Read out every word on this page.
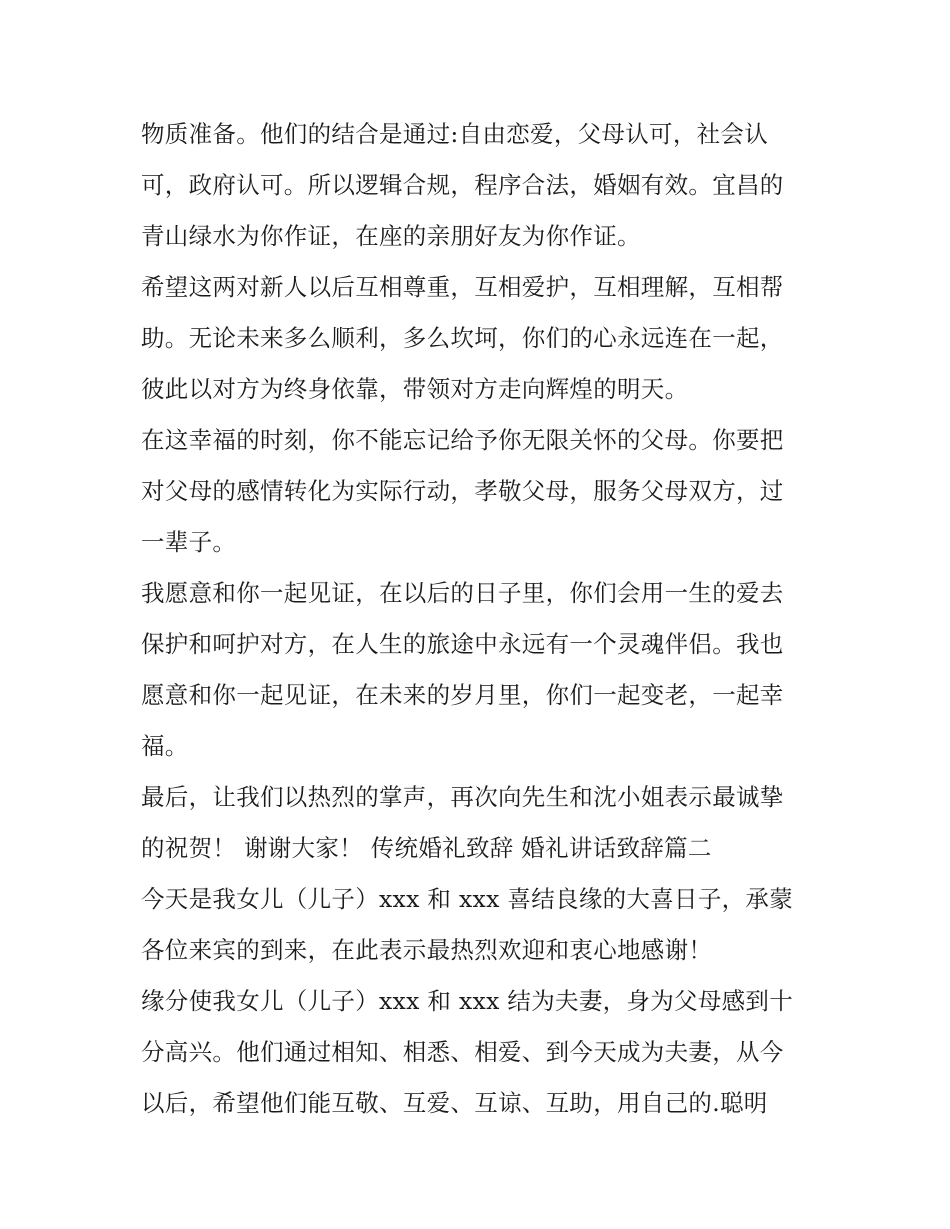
物质准备。他们的结合是通过:自由恋爱，父母认可，社会认
可，政府认可。所以逻辑合规，程序合法，婚姻有效。宜昌的
青山绿水为你作证，在座的亲朋好友为你作证。
希望这两对新人以后互相尊重，互相爱护，互相理解，互相帮
助。无论未来多么顺利，多么坎坷，你们的心永远连在一起，
彼此以对方为终身依靠，带领对方走向辉煌的明天。
在这幸福的时刻，你不能忘记给予你无限关怀的父母。你要把
对父母的感情转化为实际行动，孝敬父母，服务父母双方，过
一辈子。
我愿意和你一起见证，在以后的日子里，你们会用一生的爱去
保护和呵护对方，在人生的旅途中永远有一个灵魂伴侣。我也
愿意和你一起见证，在未来的岁月里，你们一起变老，一起幸
福。
最后，让我们以热烈的掌声，再次向先生和沈小姐表示最诚挚
的祝贺！ 谢谢大家！ 传统婚礼致辞 婚礼讲话致辞篇二
今天是我女儿（儿子）xxx 和 xxx 喜结良缘的大喜日子，承蒙
各位来宾的到来，在此表示最热烈欢迎和衷心地感谢！
缘分使我女儿（儿子）xxx 和 xxx 结为夫妻，身为父母感到十
分高兴。他们通过相知、相悉、相爱、到今天成为夫妻，从今
以后，希望他们能互敬、互爱、互谅、互助，用自己的.聪明
